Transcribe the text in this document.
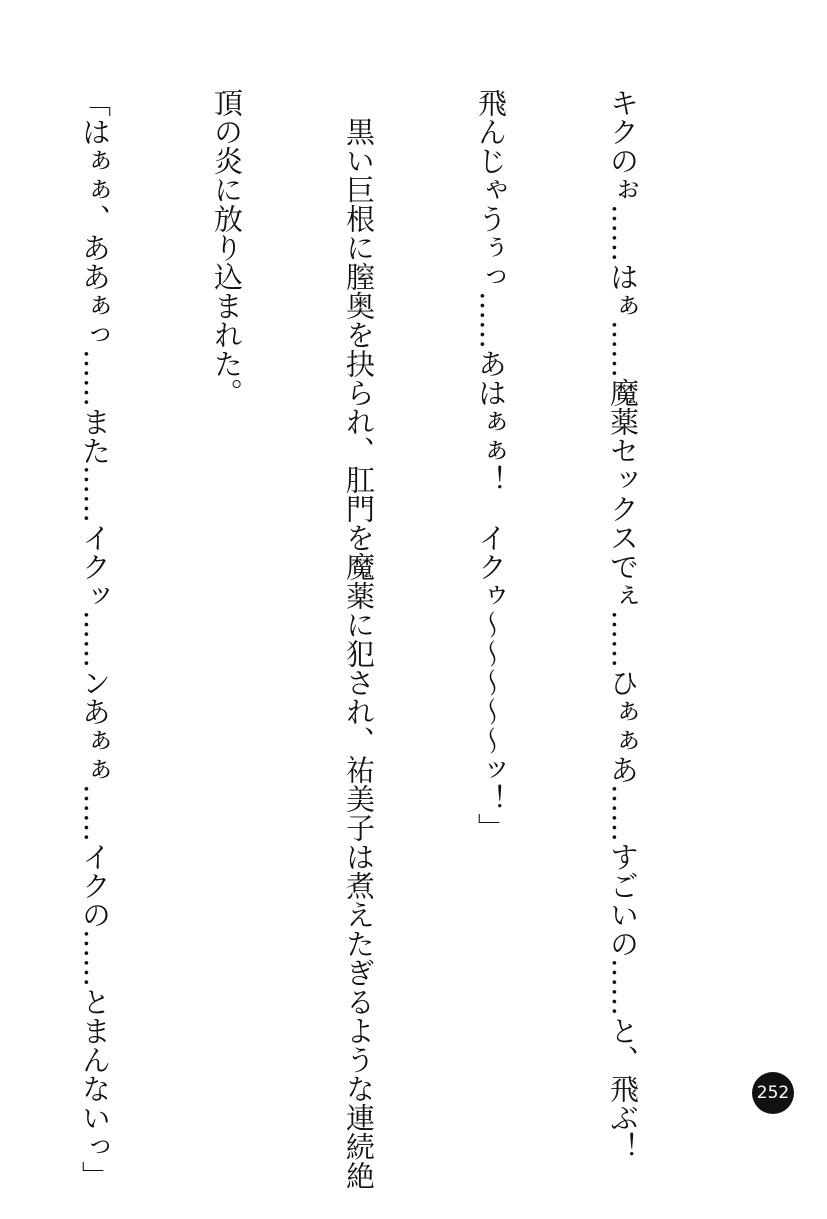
キクのぉ……はぁ……魔薬セックスでぇ……ひぁぁあ……すごいの……と、飛ぶ！

飛んじゃうぅっ……あはぁぁ！　イクゥ～～～～～ッ！」

　黒い巨根に膣奥を抉られ、肛門を魔薬に犯され、祐美子は煮えたぎるような連続絶

頂の炎に放り込まれた。

「はぁぁ、ああぁっ……また……イクッ……ンあぁぁ……イクの……とまんないっ」

	252
